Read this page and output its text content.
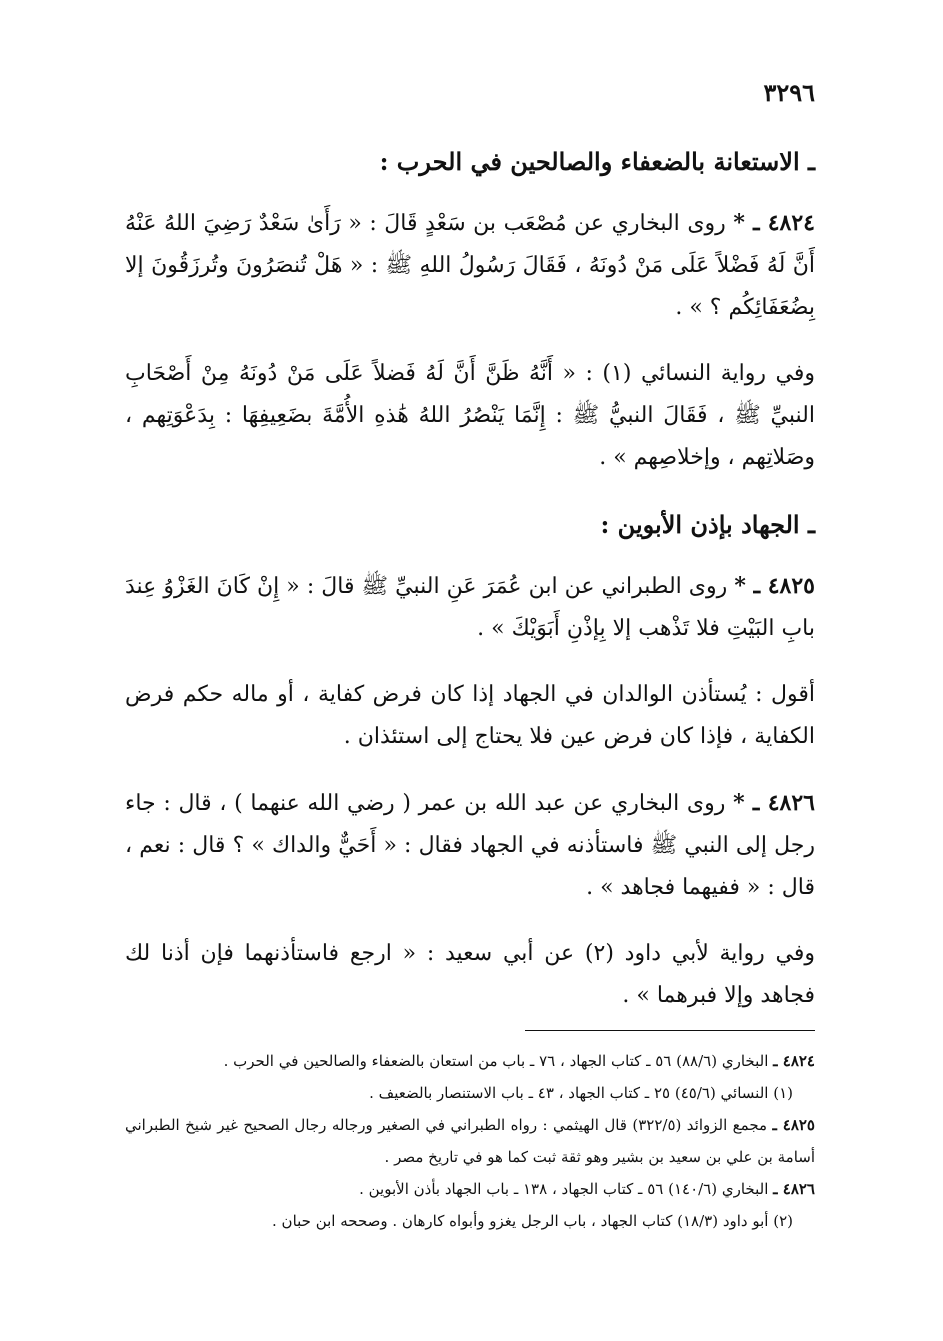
٣٢٩٦
ـ الاستعانة بالضعفاء والصالحين في الحرب :

٤٨٢٤ ـ * روى البخاري عن مُصْعَب بن سَعْدٍ قَالَ : « رَأَىٰ سَعْدٌ رَضِيَ اللهُ عَنْهُ أَنَّ لَهُ فَضْلاً عَلَى مَنْ دُونَهُ ، فَقَالَ رَسُولُ اللهِ ﷺ : « هَلْ تُنصَرُونَ وتُرزَقُونَ إلا بِضُعَفَائِكُم ؟ » .

وفي رواية النسائي (١) : « أَنَّهُ ظَنَّ أَنَّ لَهُ فَضلاً عَلَى مَنْ دُونَهُ مِنْ أَصْحَابِ النبيِّ ﷺ ، فَقَالَ النبيُّ ﷺ : إِنَّمَا يَنْصُرُ اللهُ هَٰذهِ الأُمَّةَ بضَعِيفِهَا : بِدَعْوَتِهم ، وصَلاتِهم ، وإخلاصِهم » .

ـ الجهاد بإذن الأبوين :

٤٨٢٥ ـ * روى الطبراني عن ابن عُمَرَ عَنِ النبيِّ ﷺ قالَ : « إِنْ كَانَ الغَزْوُ عِندَ بابِ البَيْتِ فلا تَذْهب إلا بِإذْنِ أَبَوَيْكَ » .

أقول : يُستأذن الوالدان في الجهاد إذا كان فرض كفاية ، أو ماله حكم فرض الكفاية ، فإذا كان فرض عين فلا يحتاج إلى استئذان .

٤٨٢٦ ـ * روى البخاري عن عبد الله بن عمر ( رضي الله عنهما ) ، قال : جاء رجل إلى النبي ﷺ فاستأذنه في الجهاد فقال : « أَحَيٌّ والداك » ؟ قال : نعم ، قال : « ففيهما فجاهد » .

وفي رواية لأبي داود (٢) عن أبي سعيد : « ارجع فاستأذنهما فإن أذنا لك فجاهد وإلا فبرهما » .

٤٨٢٤ ـ البخاري (٨٨/٦) ٥٦ ـ كتاب الجهاد ، ٧٦ ـ باب من استعان بالضعفاء والصالحين في الحرب .

(١) النسائي (٤٥/٦) ٢٥ ـ كتاب الجهاد ، ٤٣ ـ باب الاستنصار بالضعيف .

٤٨٢٥ ـ مجمع الزوائد (٣٢٢/٥) قال الهيثمي : رواه الطبراني في الصغير ورجاله رجال الصحيح غير شيخ الطبراني أسامة بن علي بن سعيد بن بشير وهو ثقة ثبت كما هو في تاريخ مصر .

٤٨٢٦ ـ البخاري (١٤٠/٦) ٥٦ ـ كتاب الجهاد ، ١٣٨ ـ باب الجهاد بأذن الأبوين .

(٢) أبو داود (١٨/٣) كتاب الجهاد ، باب الرجل يغزو وأبواه كارهان . وصححه ابن حبان .
